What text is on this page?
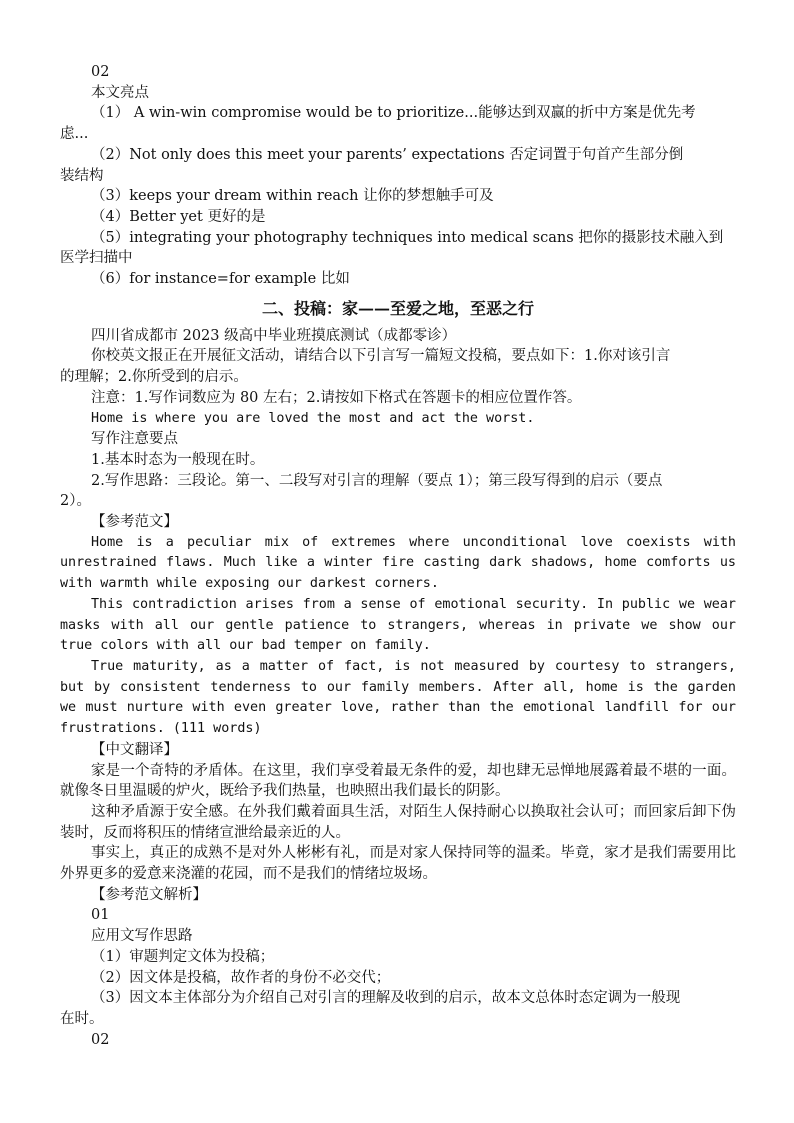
02
本文亮点
（1） A win-win compromise would be to prioritize...能够达到双赢的折中方案是优先考
虑...
（2）Not only does this meet your parents’ expectations 否定词置于句首产生部分倒
装结构
（3）keeps your dream within reach 让你的梦想触手可及
（4）Better yet 更好的是
（5）integrating your photography techniques into medical scans 把你的摄影技术融入到
医学扫描中
（6）for instance=for example 比如
二、投稿：家——至爱之地，至恶之行
四川省成都市 2023 级高中毕业班摸底测试（成都零诊）
你校英文报正在开展征文活动，请结合以下引言写一篇短文投稿，要点如下：1.你对该引言
的理解；2.你所受到的启示。
注意：1.写作词数应为 80 左右；2.请按如下格式在答题卡的相应位置作答。
Home is where you are loved the most and act the worst.
写作注意要点
1.基本时态为一般现在时。
2.写作思路：三段论。第一、二段写对引言的理解（要点 1）；第三段写得到的启示（要点
2）。
【参考范文】
Home is a peculiar mix of extremes where unconditional love coexists with unrestrained flaws. Much like a winter fire casting dark shadows, home comforts us with warmth while exposing our darkest corners.
This contradiction arises from a sense of emotional security. In public we wear masks with all our gentle patience to strangers, whereas in private we show our true colors with all our bad temper on family.
True maturity, as a matter of fact, is not measured by courtesy to strangers, but by consistent tenderness to our family members. After all, home is the garden we must nurture with even greater love, rather than the emotional landfill for our frustrations. (111 words)
【中文翻译】
家是一个奇特的矛盾体。在这里，我们享受着最无条件的爱，却也肆无忌惮地展露着最不堪的一面。就像冬日里温暖的炉火，既给予我们热量，也映照出我们最长的阴影。
这种矛盾源于安全感。在外我们戴着面具生活，对陌生人保持耐心以换取社会认可；而回家后卸下伪装时，反而将积压的情绪宣泄给最亲近的人。
事实上，真正的成熟不是对外人彬彬有礼，而是对家人保持同等的温柔。毕竟，家才是我们需要用比外界更多的爱意来浇灌的花园，而不是我们的情绪垃圾场。
【参考范文解析】
01
应用文写作思路
（1）审题判定文体为投稿；
（2）因文体是投稿，故作者的身份不必交代；
（3）因文本主体部分为介绍自己对引言的理解及收到的启示，故本文总体时态定调为一般现
在时。
02
